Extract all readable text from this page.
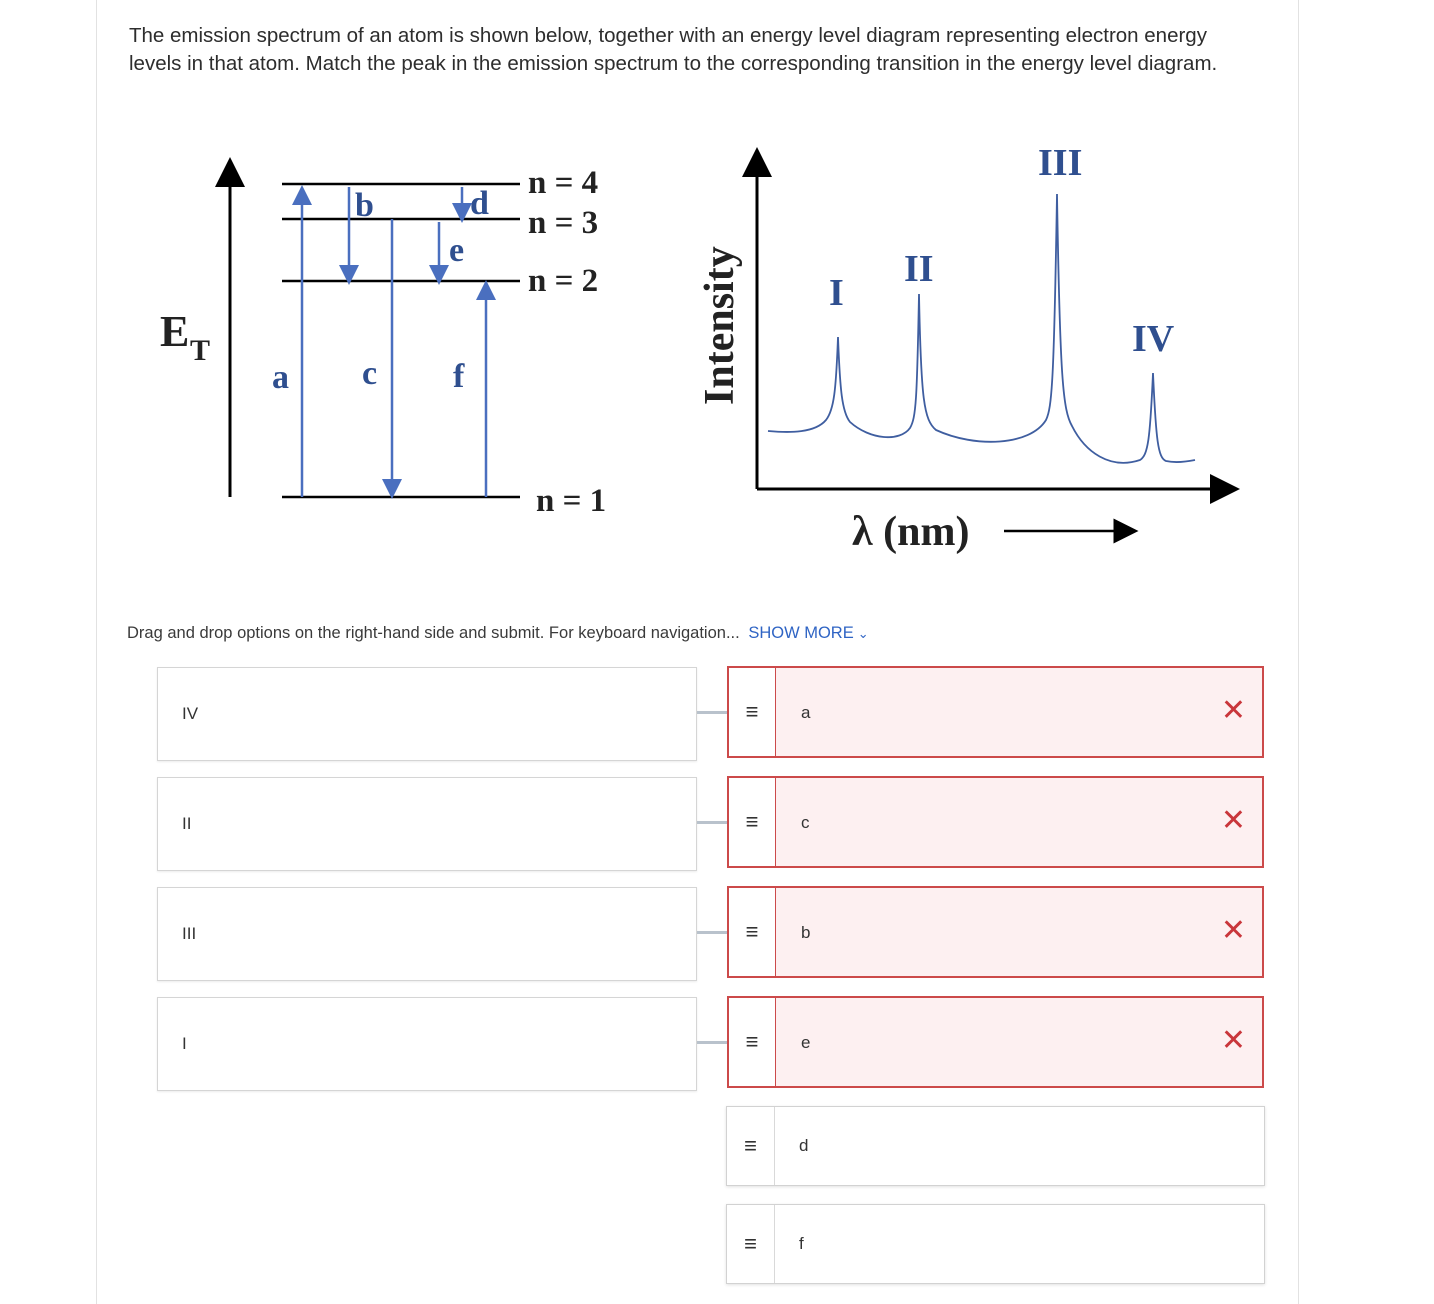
The emission spectrum of an atom is shown below, together with an energy level diagram representing electron energy levels in that atom. Match the peak in the emission spectrum to the corresponding transition in the energy level diagram.
E T
n = 4
n = 3
n = 2
n = 1
a
b
c
d
e
f	Intensity
λ (nm)
I
II
III
IV
Drag and drop options on the right-hand side and submit. For keyboard navigation... SHOW MORE ⌄
IV	≡	a	✕
II	≡	c	✕
III	≡	b	✕
I	≡	e	✕
≡	d
≡	f
